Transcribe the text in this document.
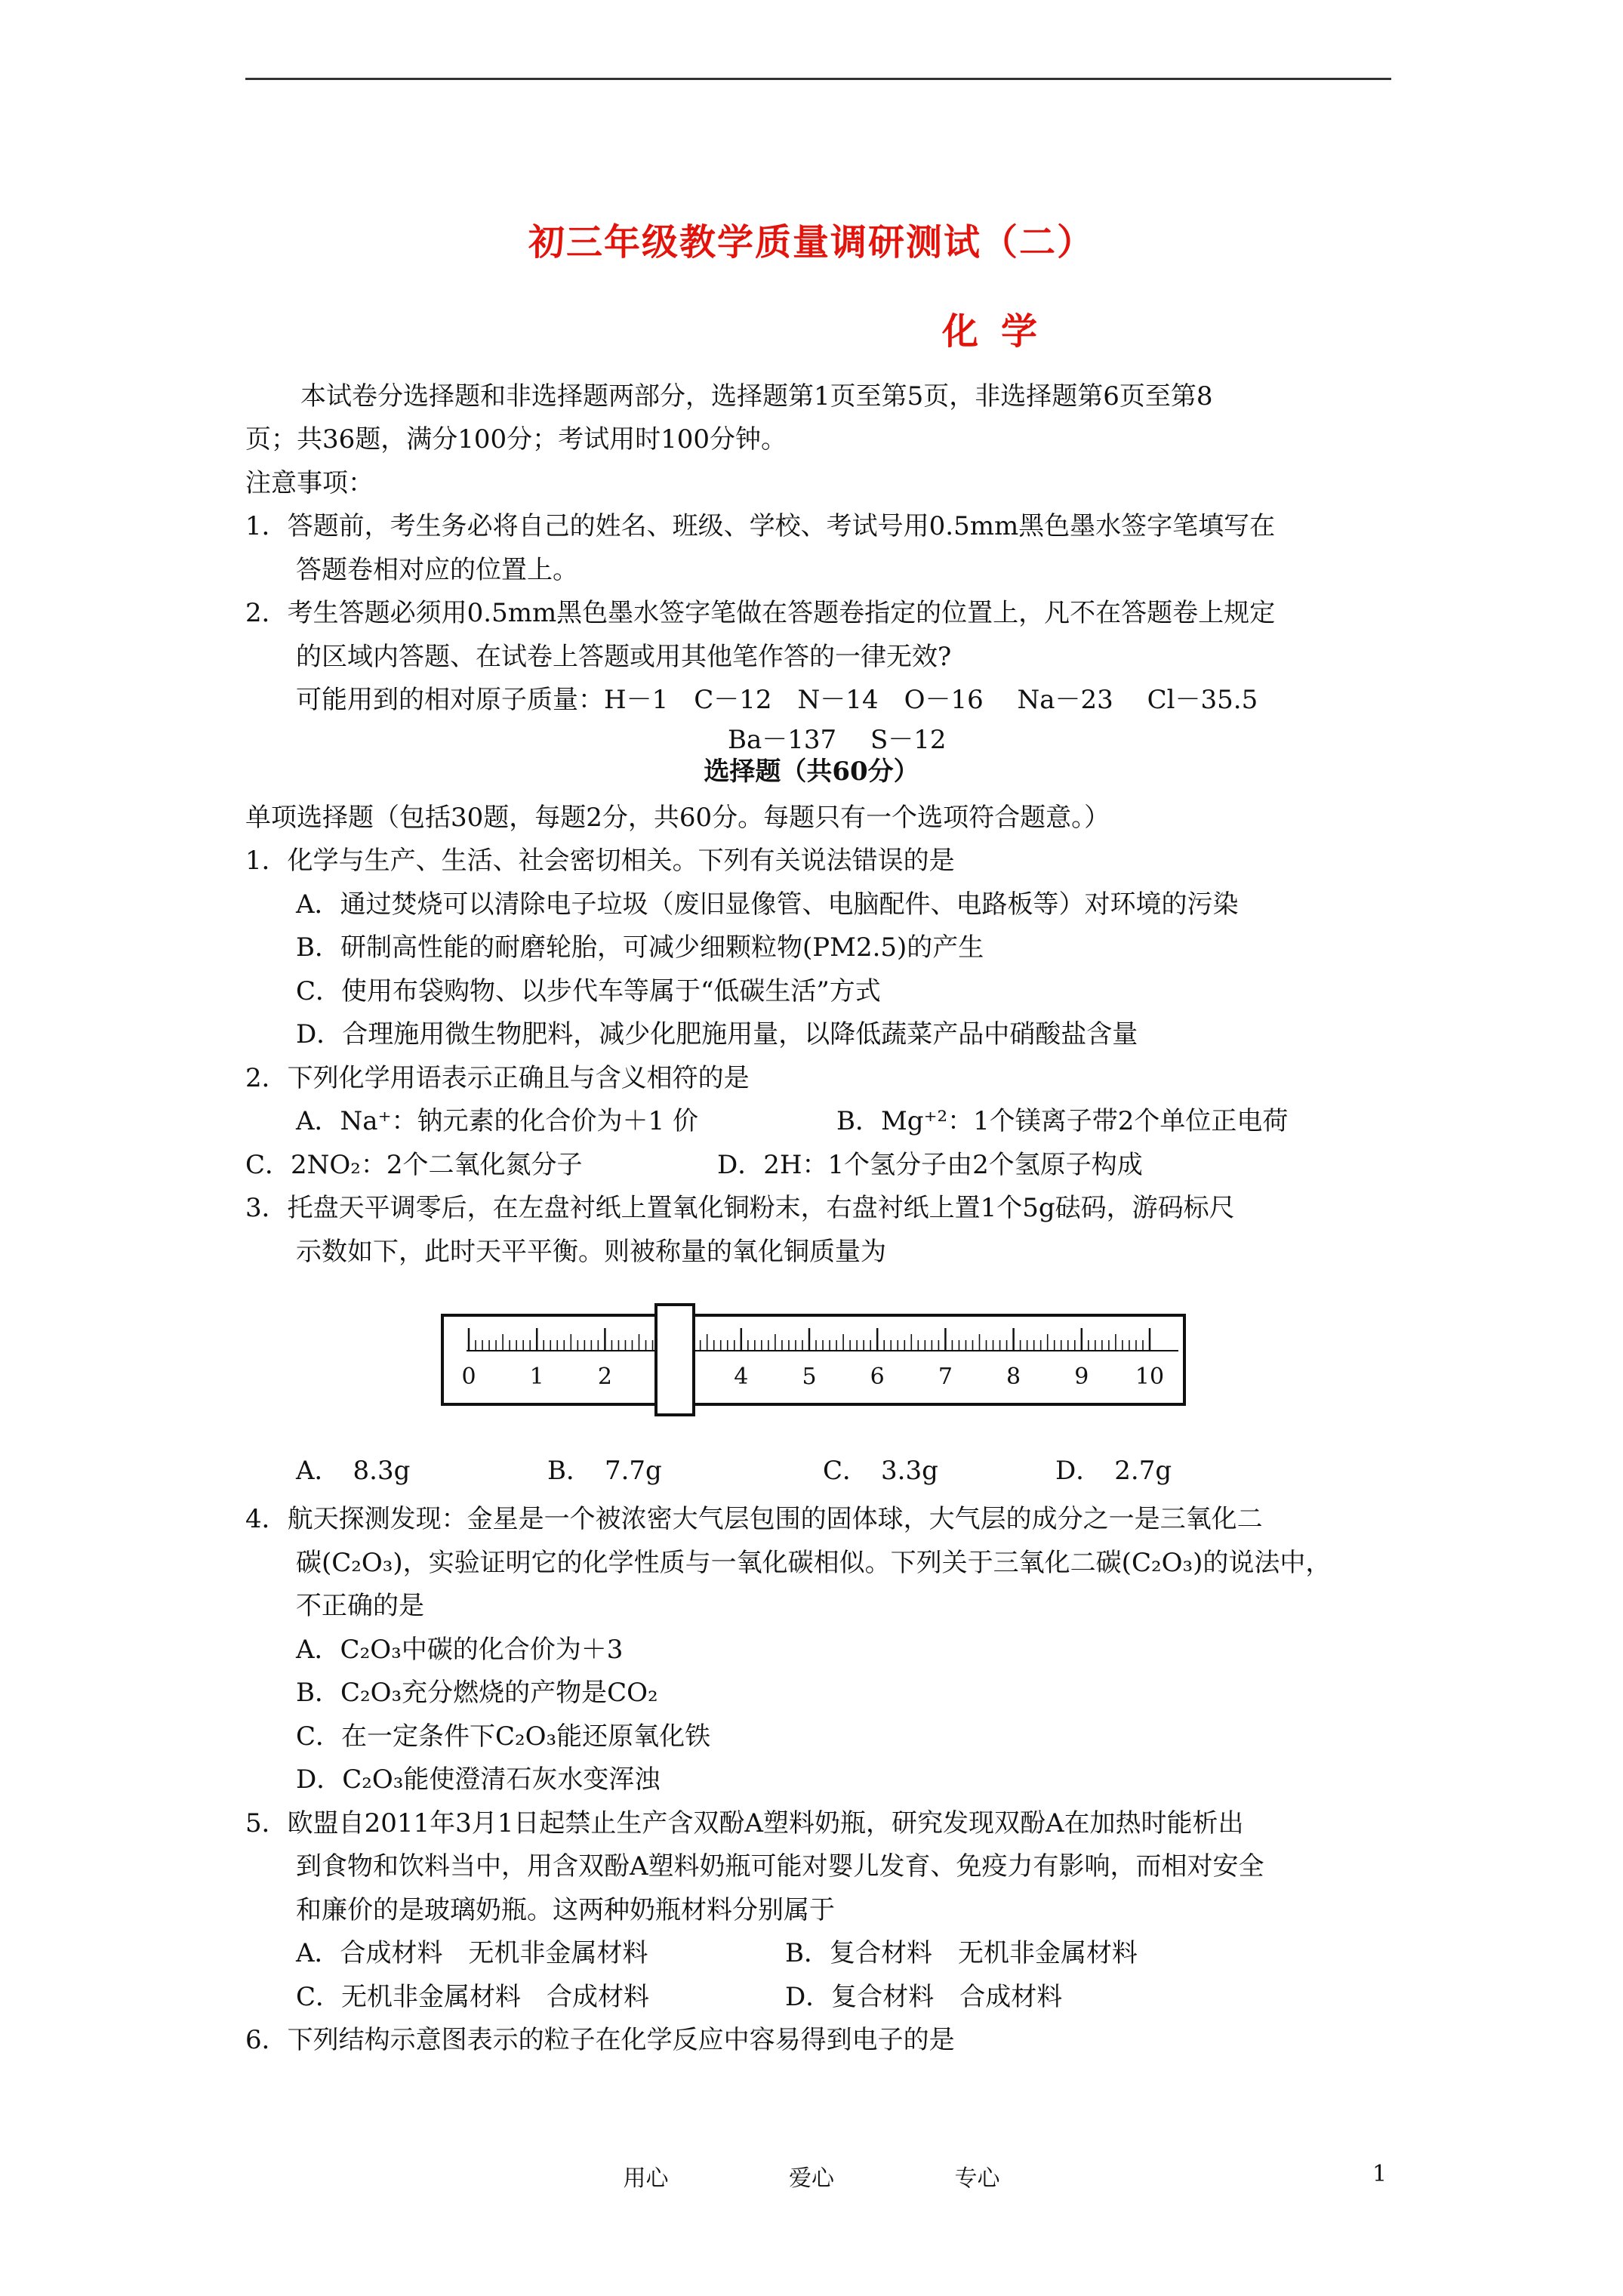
初三年级教学质量调研测试（二）
化学
本试卷分选择题和非选择题两部分，选择题第1页至第5页，非选择题第6页至第8
页；共36题，满分100分；考试用时100分钟。
注意事项：
1．答题前，考生务必将自己的姓名、班级、学校、考试号用0.5mm黑色墨水签字笔填写在
答题卷相对应的位置上。
2．考生答题必须用0.5mm黑色墨水签字笔做在答题卷指定的位置上，凡不在答题卷上规定
的区域内答题、在试卷上答题或用其他笔作答的一律无效?
可能用到的相对原子质量：H－1　C－12　N－14　O－16　 Na－23　 Cl－35.5
Ba－137　 S－12
选择题（共60分）
单项选择题（包括30题，每题2分，共60分。每题只有一个选项符合题意。）
1．化学与生产、生活、社会密切相关。下列有关说法错误的是
A．通过焚烧可以清除电子垃圾（废旧显像管、电脑配件、电路板等）对环境的污染
B．研制高性能的耐磨轮胎，可减少细颗粒物(PM2.5)的产生
C．使用布袋购物、以步代车等属于“低碳生活”方式
D．合理施用微生物肥料，减少化肥施用量，以降低蔬菜产品中硝酸盐含量
2．下列化学用语表示正确且与含义相符的是
A．Na⁺：钠元素的化合价为＋1 价	B．Mg⁺²：1个镁离子带2个单位正电荷
C．2NO₂：2个二氧化氮分子	D．2H：1个氢分子由2个氢原子构成
3．托盘天平调零后，在左盘衬纸上置氧化铜粉末，右盘衬纸上置1个5g砝码，游码标尺
示数如下，此时天平平衡。则被称量的氧化铜质量为
0 1 2	4 5 6 7 8 9 10
A．　8.3g	B．　7.7g	C．　3.3g	D．　2.7g
4．航天探测发现：金星是一个被浓密大气层包围的固体球，大气层的成分之一是三氧化二
碳(C₂O₃)，实验证明它的化学性质与一氧化碳相似。下列关于三氧化二碳(C₂O₃)的说法中，
不正确的是
A．C₂O₃中碳的化合价为＋3
B．C₂O₃充分燃烧的产物是CO₂
C．在一定条件下C₂O₃能还原氧化铁
D．C₂O₃能使澄清石灰水变浑浊
5．欧盟自2011年3月1日起禁止生产含双酚A塑料奶瓶，研究发现双酚A在加热时能析出
到食物和饮料当中，用含双酚A塑料奶瓶可能对婴儿发育、免疫力有影响，而相对安全
和廉价的是玻璃奶瓶。这两种奶瓶材料分别属于
A．合成材料　无机非金属材料	B．复合材料　无机非金属材料
C．无机非金属材料　合成材料	D．复合材料　合成材料
6．下列结构示意图表示的粒子在化学反应中容易得到电子的是
用心	爱心	专心	1
